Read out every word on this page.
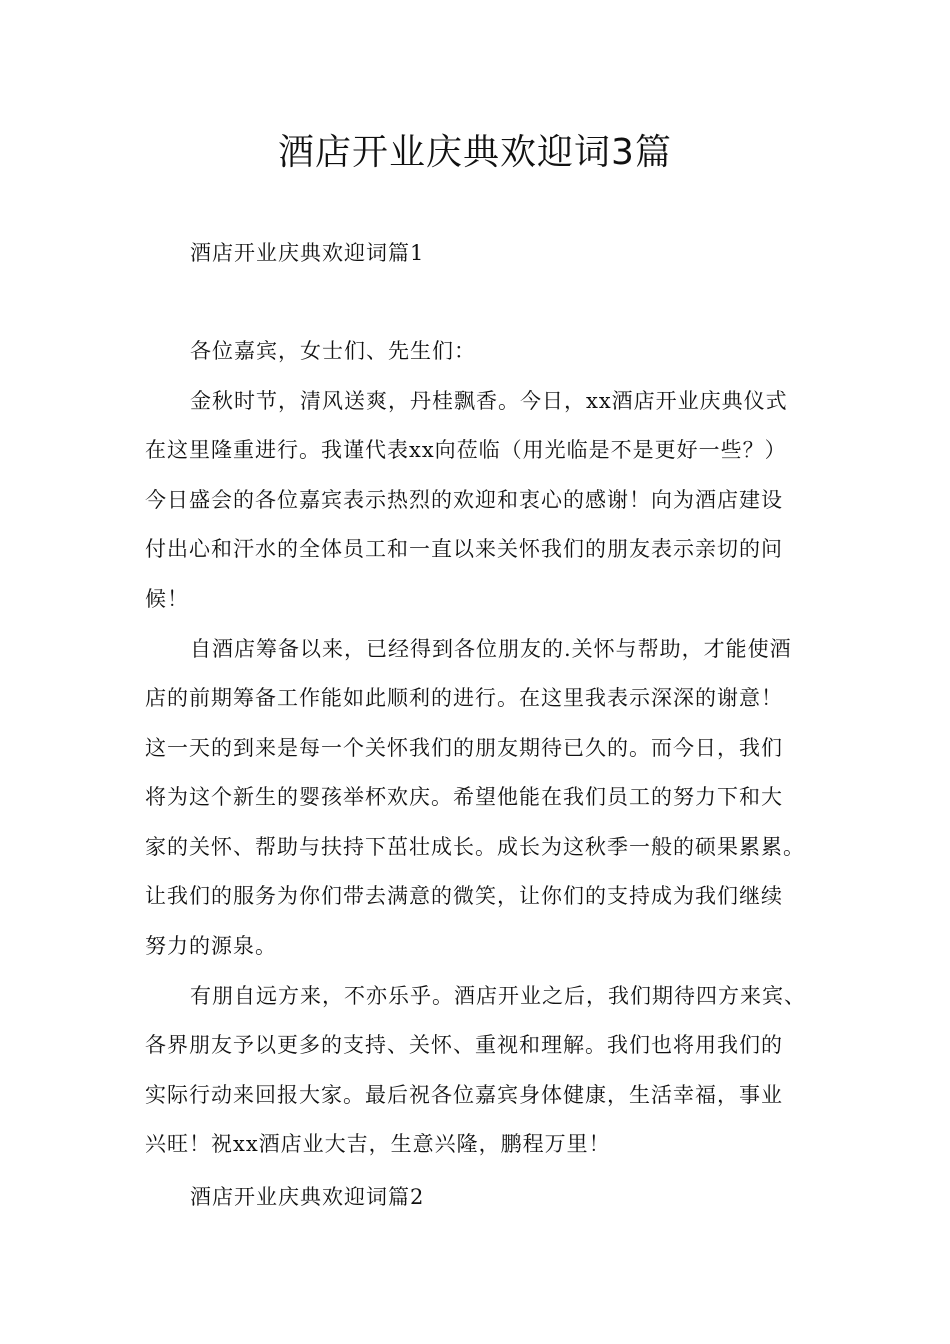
酒店开业庆典欢迎词3篇
酒店开业庆典欢迎词篇1
各位嘉宾，女士们、先生们：
金秋时节，清风送爽，丹桂飘香。今日，xx酒店开业庆典仪式
在这里隆重进行。我谨代表xx向莅临（用光临是不是更好一些？）
今日盛会的各位嘉宾表示热烈的欢迎和衷心的感谢！向为酒店建设
付出心和汗水的全体员工和一直以来关怀我们的朋友表示亲切的问
候！
自酒店筹备以来，已经得到各位朋友的.关怀与帮助，才能使酒
店的前期筹备工作能如此顺利的进行。在这里我表示深深的谢意！
这一天的到来是每一个关怀我们的朋友期待已久的。而今日，我们
将为这个新生的婴孩举杯欢庆。希望他能在我们员工的努力下和大
家的关怀、帮助与扶持下茁壮成长。成长为这秋季一般的硕果累累。
让我们的服务为你们带去满意的微笑，让你们的支持成为我们继续
努力的源泉。
有朋自远方来，不亦乐乎。酒店开业之后，我们期待四方来宾、
各界朋友予以更多的支持、关怀、重视和理解。我们也将用我们的
实际行动来回报大家。最后祝各位嘉宾身体健康，生活幸福，事业
兴旺！祝xx酒店业大吉，生意兴隆，鹏程万里！
酒店开业庆典欢迎词篇2
